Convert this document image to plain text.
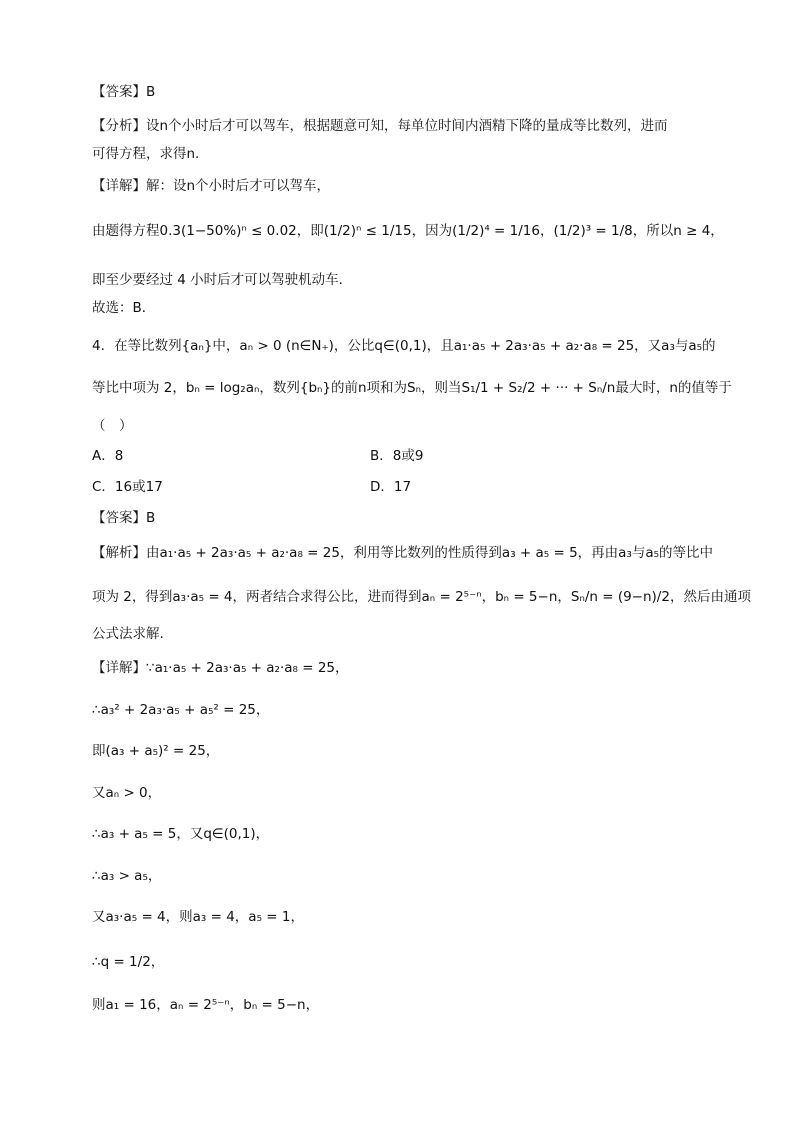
【答案】B
【分析】设n个小时后才可以驾车，根据题意可知，每单位时间内酒精下降的量成等比数列，进而
可得方程，求得n．
【详解】解：设n个小时后才可以驾车，
由题得方程0.3(1−50%)ⁿ ≤ 0.02，即(1/2)ⁿ ≤ 1/15，因为(1/2)⁴ = 1/16，(1/2)³ = 1/8，所以n ≥ 4，
即至少要经过 4 小时后才可以驾驶机动车．
故选：B．
4．在等比数列{aₙ}中，aₙ > 0 (n∈N₊)，公比q∈(0,1)，且a₁·a₅ + 2a₃·a₅ + a₂·a₈ = 25，又a₃与a₅的
等比中项为 2，bₙ = log₂aₙ，数列{bₙ}的前n项和为Sₙ，则当S₁/1 + S₂/2 + ··· + Sₙ/n最大时，n的值等于
（　）
A．8	B．8或9
C．16或17	D．17
【答案】B
【解析】由a₁·a₅ + 2a₃·a₅ + a₂·a₈ = 25，利用等比数列的性质得到a₃ + a₅ = 5，再由a₃与a₅的等比中
项为 2，得到a₃·a₅ = 4，两者结合求得公比，进而得到aₙ = 2⁵⁻ⁿ，bₙ = 5−n，Sₙ/n = (9−n)/2，然后由通项
公式法求解.
【详解】∵a₁·a₅ + 2a₃·a₅ + a₂·a₈ = 25，
∴a₃² + 2a₃·a₅ + a₅² = 25，
即(a₃ + a₅)² = 25，
又aₙ > 0，
∴a₃ + a₅ = 5，又q∈(0,1)，
∴a₃ > a₅，
又a₃·a₅ = 4，则a₃ = 4，a₅ = 1，
∴q = 1/2，
则a₁ = 16，aₙ = 2⁵⁻ⁿ，bₙ = 5−n，
